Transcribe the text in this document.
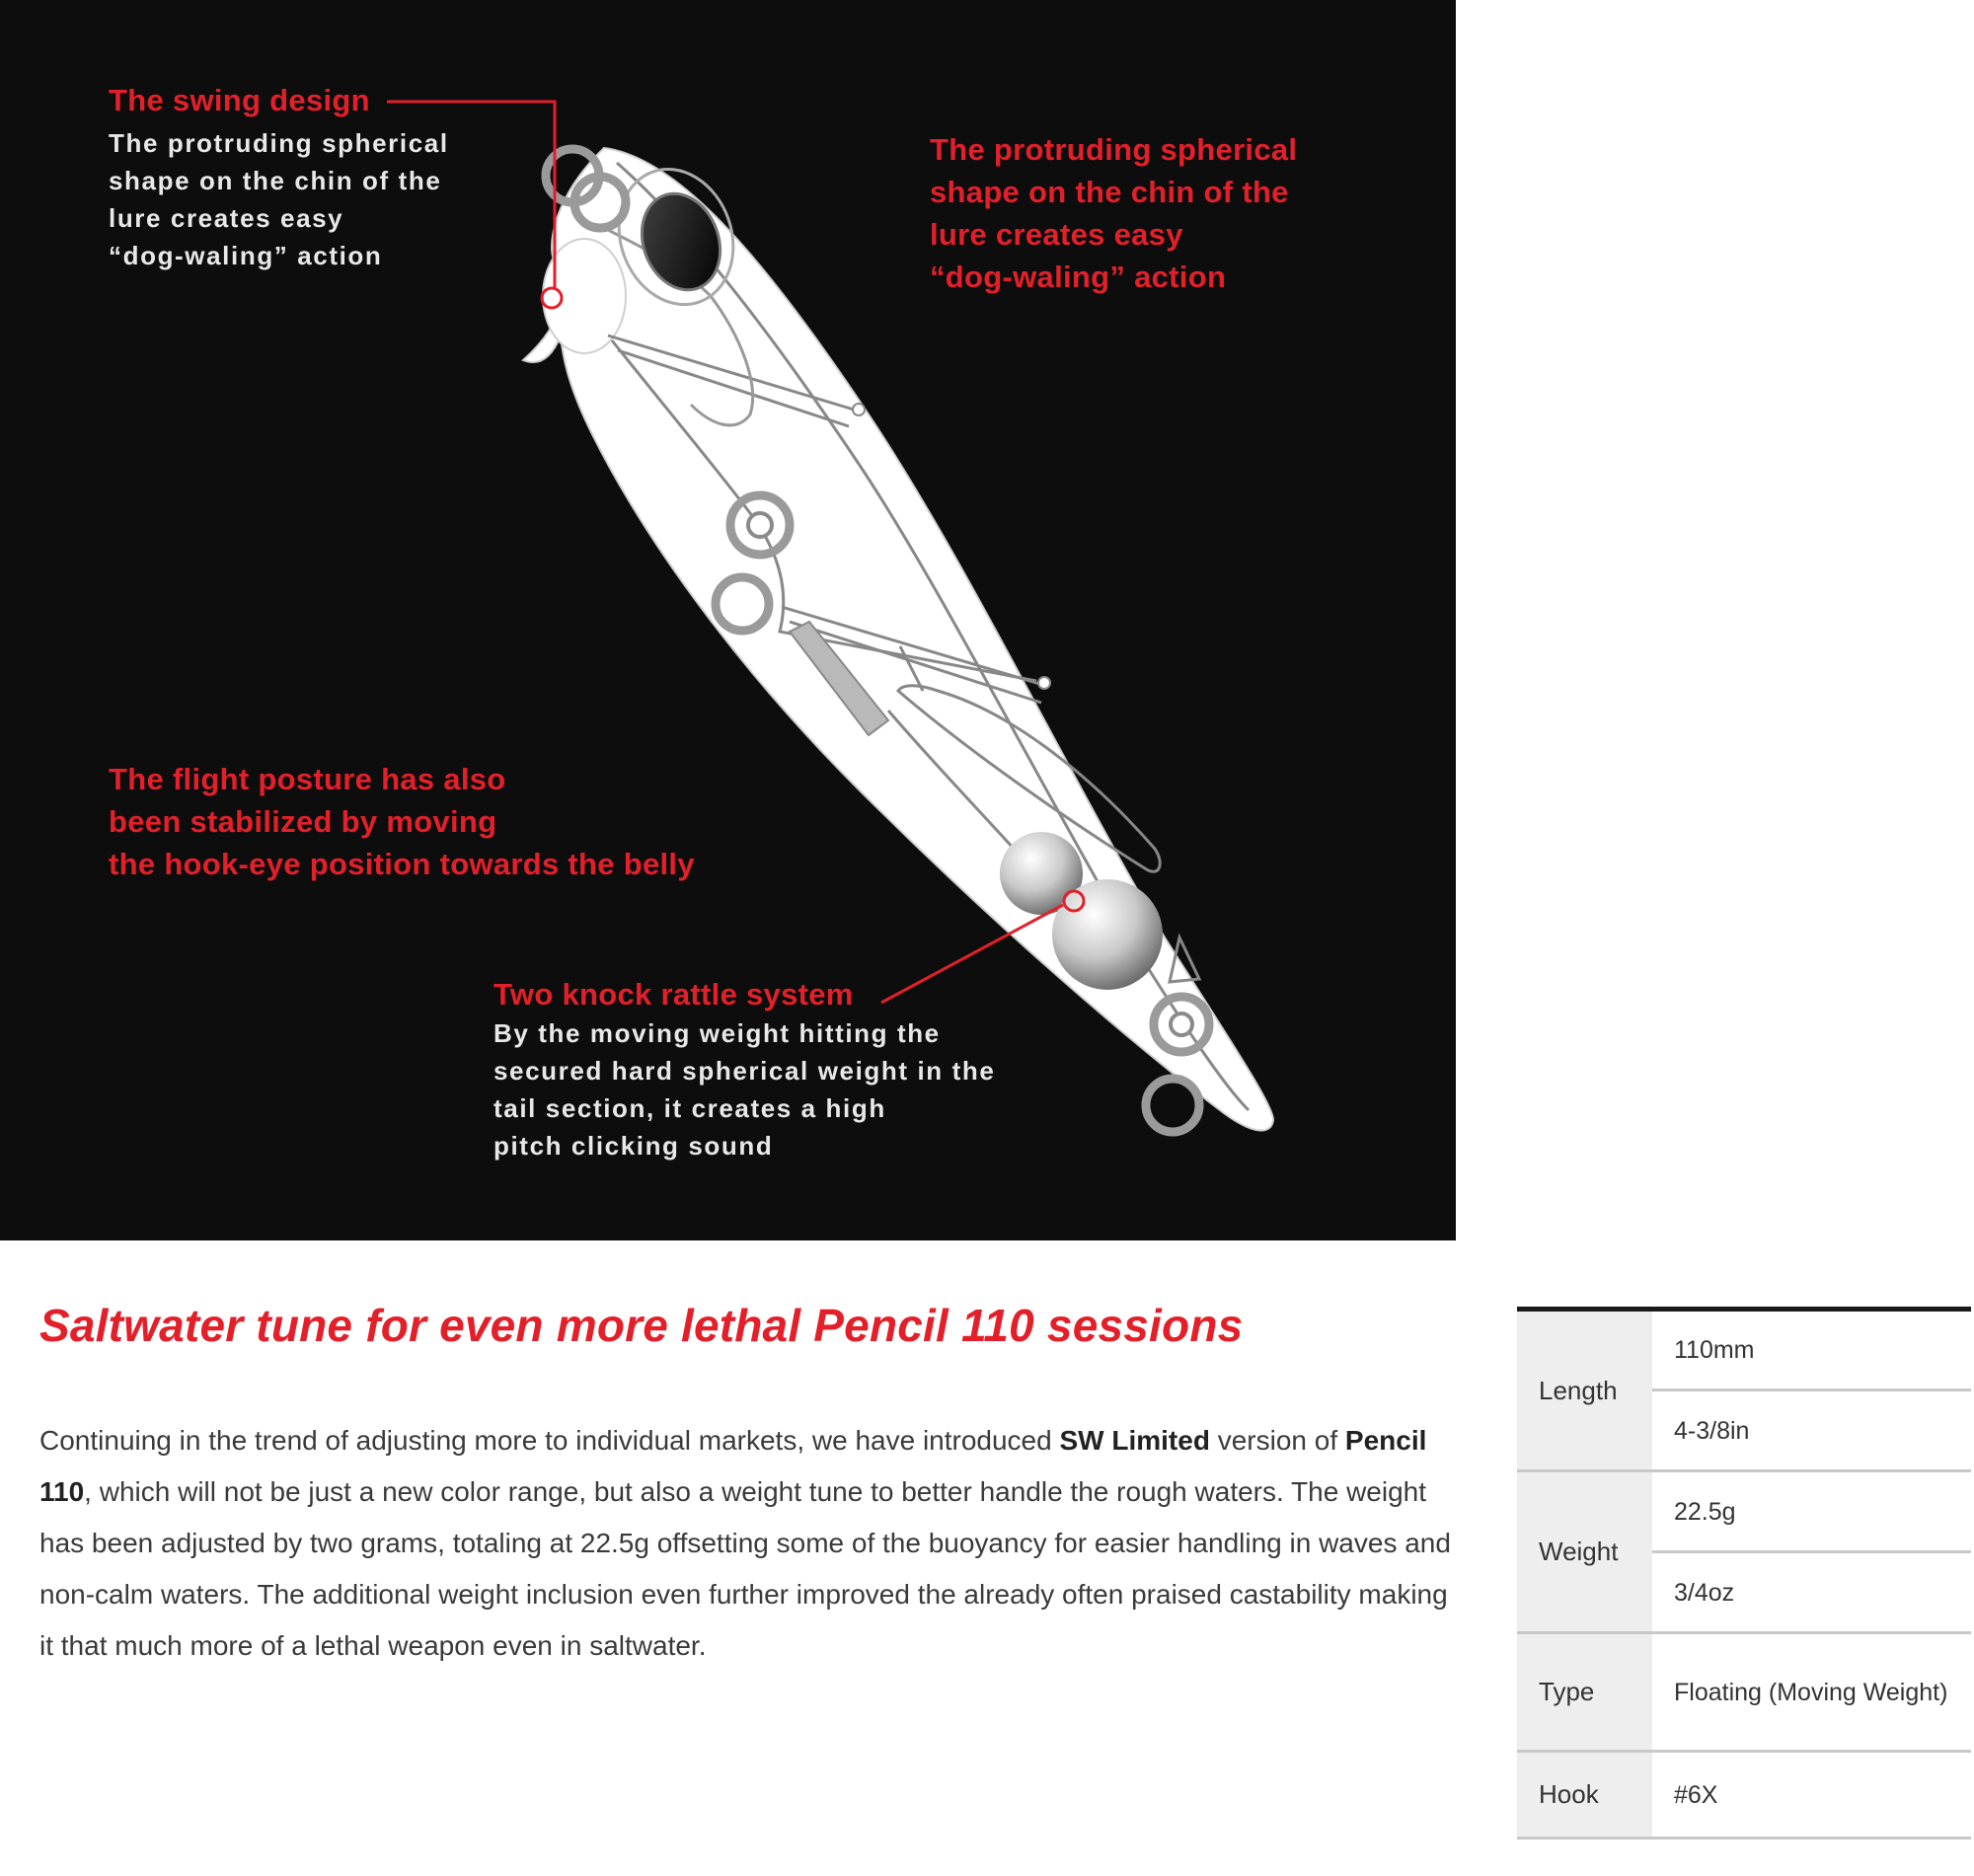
The swing design
The protruding spherical
shape on the chin of the
lure creates easy
“dog-waling” action
The protruding spherical
shape on the chin of the
lure creates easy
“dog-waling” action
The flight posture has also
been stabilized by moving
the hook-eye position towards the belly
Two knock rattle system
By the moving weight hitting the
secured hard spherical weight in the
tail section, it creates a high
pitch clicking sound
Saltwater tune for even more lethal Pencil 110 sessions
Continuing in the trend of adjusting more to individual markets, we have introduced SW Limited version of Pencil 110, which will not be just a new color range, but also a weight tune to better handle the rough waters. The weight has been adjusted by two grams, totaling at 22.5g offsetting some of the buoyancy for easier handling in waves and non-calm waters. The additional weight inclusion even further improved the already often praised castability making it that much more of a lethal weapon even in saltwater.
Length	110mm
	4-3/8in
Weight	22.5g
	3/4oz
Type	Floating (Moving Weight)
Hook	#6X
